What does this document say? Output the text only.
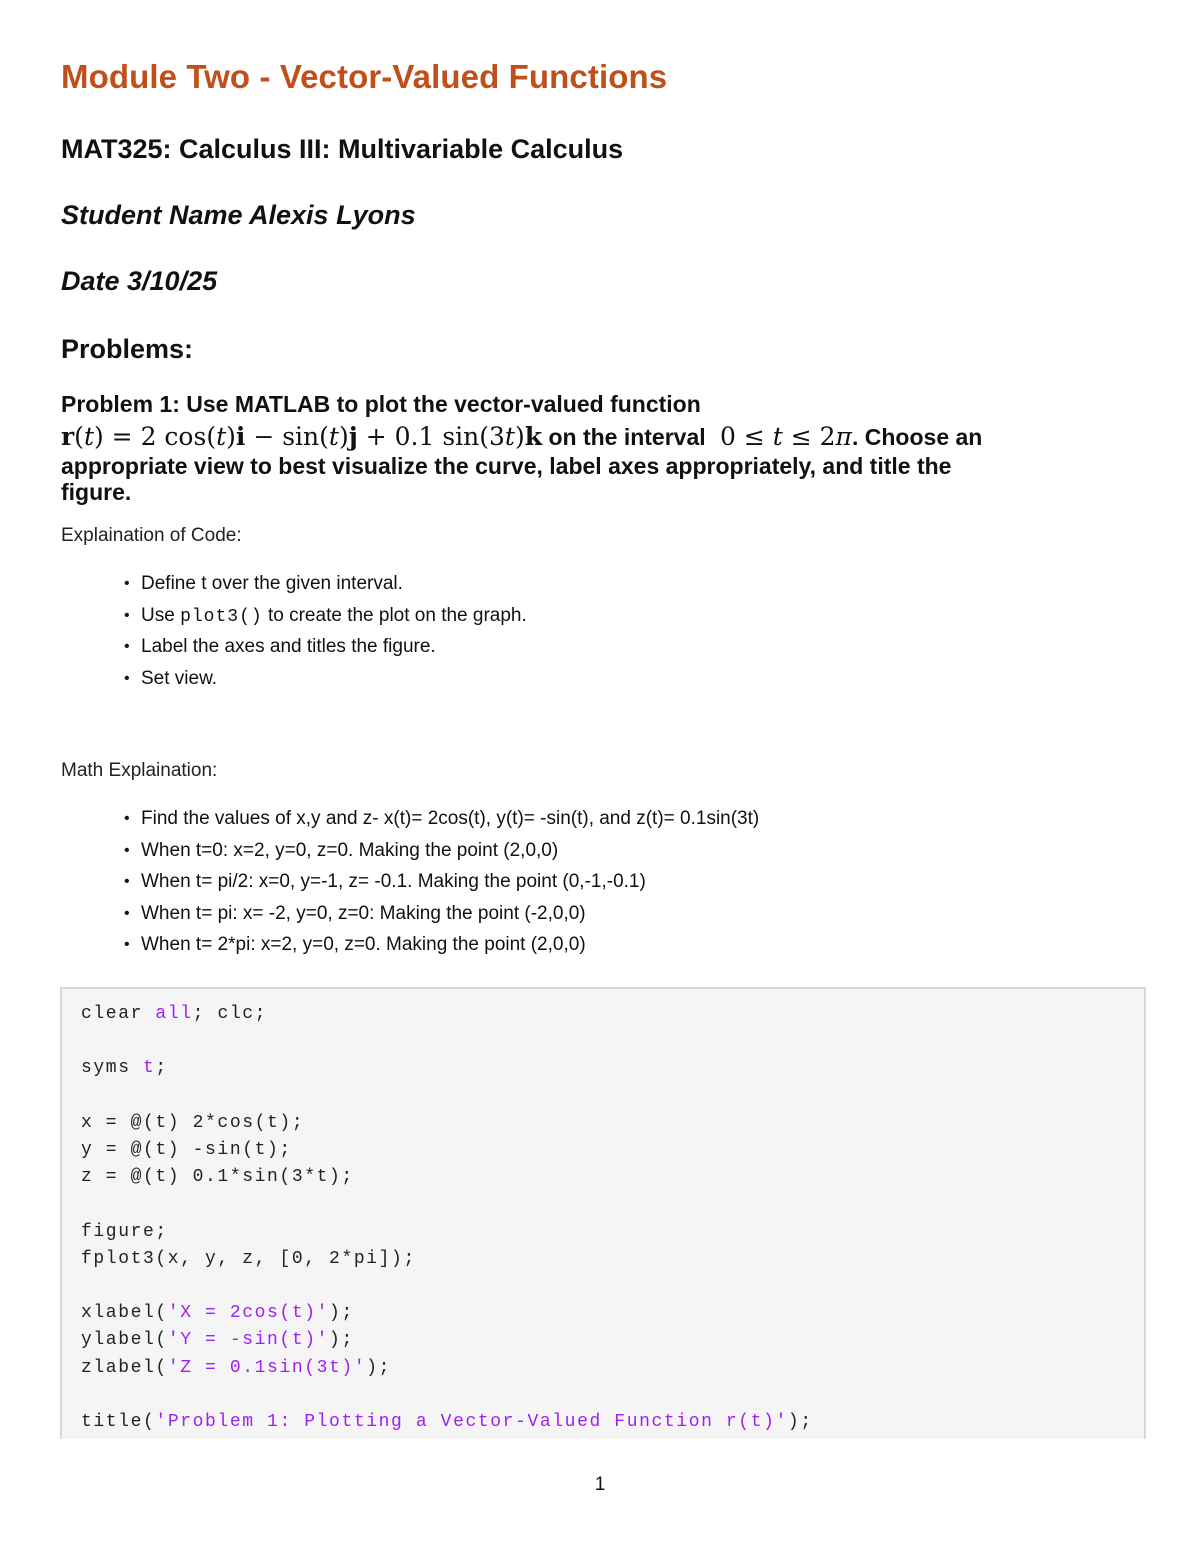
Module Two - Vector-Valued Functions
MAT325: Calculus III: Multivariable Calculus
Student Name Alexis Lyons
Date 3/10/25
Problems:
Problem 1: Use MATLAB to plot the vector-valued function
r(t) = 2 cos(t)i − sin(t)j + 0.1 sin(3t)k on the interval  0 ≤ t ≤ 2π. Choose an
appropriate view to best visualize the curve, label axes appropriately, and title the
figure.

Explaination of Code:

• Define t over the given interval.
• Use plot3() to create the plot on the graph.
• Label the axes and titles the figure.
• Set view.

Math Explaination:

• Find the values of x,y and z- x(t)= 2cos(t), y(t)= -sin(t), and z(t)= 0.1sin(3t)
• When t=0: x=2, y=0, z=0. Making the point (2,0,0)
• When t= pi/2: x=0, y=-1, z= -0.1. Making the point (0,-1,-0.1)
• When t= pi: x= -2, y=0, z=0: Making the point (-2,0,0)
• When t= 2*pi: x=2, y=0, z=0. Making the point (2,0,0)
clear all; clc;

syms t;

x = @(t) 2*cos(t);
y = @(t) -sin(t);
z = @(t) 0.1*sin(3*t);

figure;
fplot3(x, y, z, [0, 2*pi]);

xlabel('X = 2cos(t)');
ylabel('Y = -sin(t)');
zlabel('Z = 0.1sin(3t)');

title('Problem 1: Plotting a Vector-Valued Function r(t)');

1
